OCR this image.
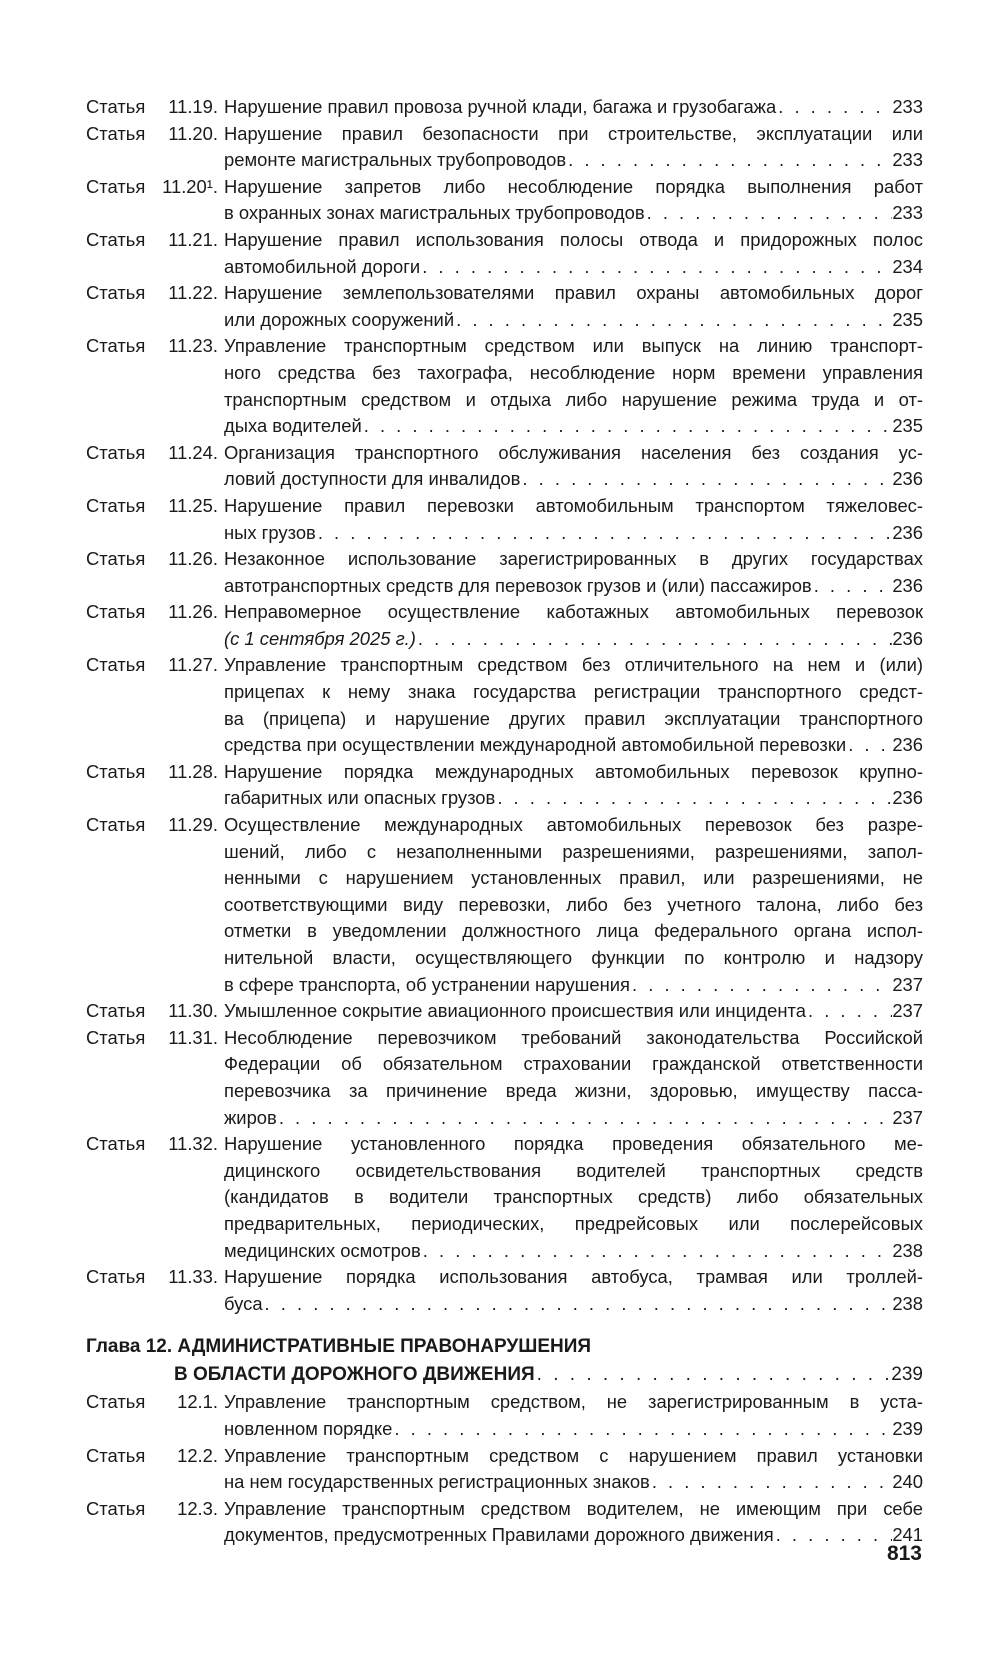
Статья 11.19. Нарушение правил провоза ручной клади, багажа и грузобагажа . . .	233
Статья 11.20. Нарушение правил безопасности при строительстве, эксплуатации или
ремонте магистральных трубопроводов . . .	233
Статья 11.20¹. Нарушение запретов либо несоблюдение порядка выполнения работ
в охранных зонах магистральных трубопроводов . . .	233
Статья 11.21. Нарушение правил использования полосы отвода и придорожных полос
автомобильной дороги . . .	234
Статья 11.22. Нарушение землепользователями правил охраны автомобильных дорог
или дорожных сооружений . . .	235
Статья 11.23. Управление транспортным средством или выпуск на линию транспорт-
ного средства без тахографа, несоблюдение норм времени управления
транспортным средством и отдыха либо нарушение режима труда и от-
дыха водителей . . .	235
Статья 11.24. Организация транспортного обслуживания населения без создания ус-
ловий доступности для инвалидов . . .	236
Статья 11.25. Нарушение правил перевозки автомобильным транспортом тяжеловес-
ных грузов . . .	236
Статья 11.26. Незаконное использование зарегистрированных в других государствах
автотранспортных средств для перевозок грузов и (или) пассажиров . . .	236
Статья 11.26. Неправомерное осуществление каботажных автомобильных перевозок
(с 1 сентября 2025 г.) . . .	236
Статья 11.27. Управление транспортным средством без отличительного на нем и (или)
прицепах к нему знака государства регистрации транспортного средст-
ва (прицепа) и нарушение других правил эксплуатации транспортного
средства при осуществлении международной автомобильной перевозки . . .	236
Статья 11.28. Нарушение порядка международных автомобильных перевозок крупно-
габаритных или опасных грузов . . .	236
Статья 11.29. Осуществление международных автомобильных перевозок без разре-
шений, либо с незаполненными разрешениями, разрешениями, запол-
ненными с нарушением установленных правил, или разрешениями, не
соответствующими виду перевозки, либо без учетного талона, либо без
отметки в уведомлении должностного лица федерального органа испол-
нительной власти, осуществляющего функции по контролю и надзору
в сфере транспорта, об устранении нарушения . . .	237
Статья 11.30. Умышленное сокрытие авиационного происшествия или инцидента . . .	237
Статья 11.31. Несоблюдение перевозчиком требований законодательства Российской
Федерации об обязательном страховании гражданской ответственности
перевозчика за причинение вреда жизни, здоровью, имуществу пасса-
жиров . . .	237
Статья 11.32. Нарушение установленного порядка проведения обязательного ме-
дицинского освидетельствования водителей транспортных средств
(кандидатов в водители транспортных средств) либо обязательных
предварительных, периодических, предрейсовых или послерейсовых
медицинских осмотров . . .	238
Статья 11.33. Нарушение порядка использования автобуса, трамвая или троллей-
буса . . .	238
Глава 12. АДМИНИСТРАТИВНЫЕ ПРАВОНАРУШЕНИЯ
В ОБЛАСТИ ДОРОЖНОГО ДВИЖЕНИЯ . . .	239
Статья 12.1. Управление транспортным средством, не зарегистрированным в уста-
новленном порядке . . .	239
Статья 12.2. Управление транспортным средством с нарушением правил установки
на нем государственных регистрационных знаков . . .	240
Статья 12.3. Управление транспортным средством водителем, не имеющим при себе
документов, предусмотренных Правилами дорожного движения . . .	241
813
